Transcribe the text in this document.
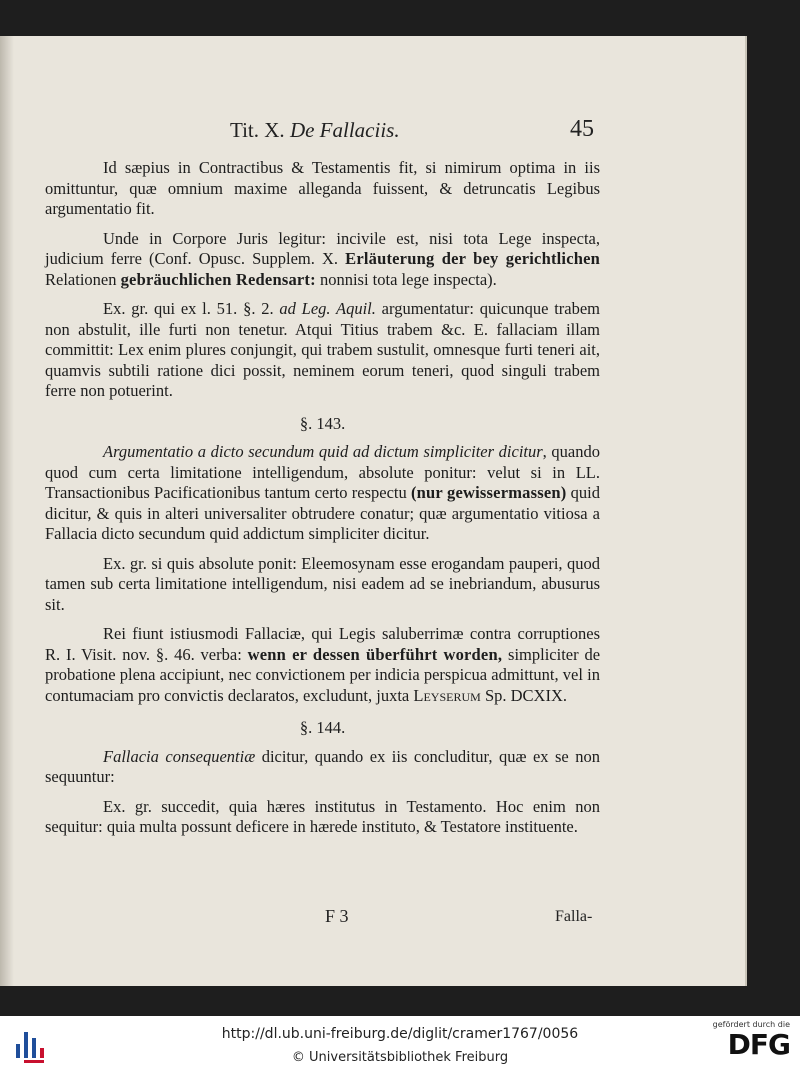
Tit. X. De Fallaciis.	45

Id sæpius in Contractibus & Testamentis fit, si nimirum optima in iis omittuntur, quæ omnium maxime alleganda fuissent, & detruncatis Legibus argumentatio fit.

Unde in Corpore Juris legitur: incivile est, nisi tota Lege inspecta, judicium ferre (Conf. Opusc. Supplem. X. Erläuterung der bey gerichtlichen Relationen gebräuchlichen Redensart: nonnisi tota lege inspecta).

Ex. gr. qui ex l. 51. §. 2. ad Leg. Aquil. argumentatur: quicunque trabem non abstulit, ille furti non tenetur. Atqui Titius trabem &c. E. fallaciam illam committit: Lex enim plures conjungit, qui trabem sustulit, omnesque furti teneri ait, quamvis subtili ratione dici possit, neminem eorum teneri, quod singuli trabem ferre non potuerint.

§. 143.

Argumentatio a dicto secundum quid ad dictum simpliciter dicitur, quando quod cum certa limitatione intelligendum, absolute ponitur: velut si in LL. Transactionibus Pacificationibus tantum certo respectu (nur gewissermassen) quid dicitur, & quis in alteri universaliter obtrudere conatur; quæ argumentatio vitiosa a Fallacia dicto secundum quid addictum simpliciter dicitur.

Ex. gr. si quis absolute ponit: Eleemosynam esse erogandam pauperi, quod tamen sub certa limitatione intelligendum, nisi eadem ad se inebriandum, abusurus sit.

Rei fiunt istiusmodi Fallaciæ, qui Legis saluberrimæ contra corruptiones R. I. Visit. nov. §. 46. verba: wenn er dessen überführt worden, simpliciter de probatione plena accipiunt, nec convictionem per indicia perspicua admittunt, vel in contumaciam pro convictis declaratos, excludunt, juxta Leyserum Sp. DCXIX.

§. 144.

Fallacia consequentiæ dicitur, quando ex iis concluditur, quæ ex se non sequuntur:

Ex. gr. succedit, quia hæres institutus in Testamento. Hoc enim non sequitur: quia multa possunt deficere in hærede instituto, & Testatore instituente.

F 3	Falla-
http://dl.ub.uni-freiburg.de/diglit/cramer1767/0056
© Universitätsbibliothek Freiburg
gefördert durch die
DFG
